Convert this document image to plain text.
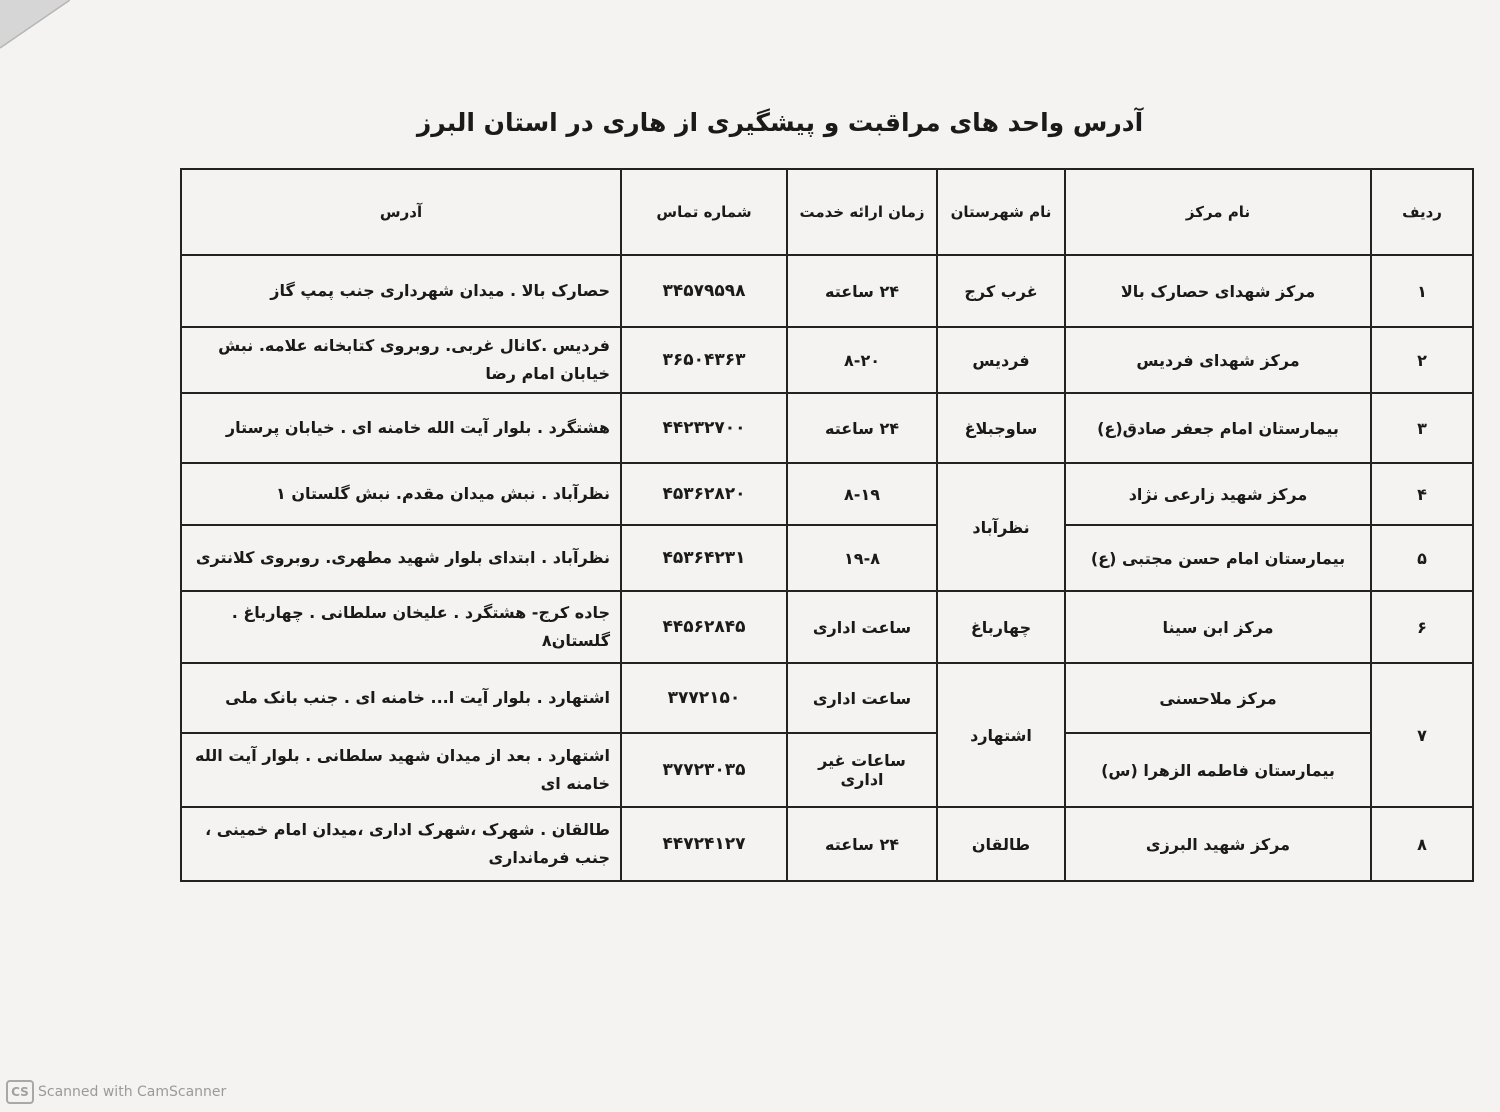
آدرس واحد های مراقبت و پیشگیری از هاری در استان البرز
ردیف	نام مرکز	نام شهرستان	زمان ارائه خدمت	شماره تماس	آدرس
۱	مرکز شهدای حصارک بالا	غرب کرج	۲۴ ساعته	۳۴۵۷۹۵۹۸	حصارک بالا . میدان شهرداری جنب پمپ گاز
۲	مرکز شهدای فردیس	فردیس	۸-۲۰	۳۶۵۰۴۳۶۳	فردیس .کانال غربی. روبروی کتابخانه علامه. نبش خیابان امام رضا
۳	بیمارستان امام جعفر صادق(ع)	ساوجبلاغ	۲۴ ساعته	۴۴۲۳۲۷۰۰	هشتگرد . بلوار آیت الله خامنه ای . خیابان پرستار
۴	مرکز شهید زارعی نژاد	نظرآباد	۸-۱۹	۴۵۳۶۲۸۲۰	نظرآباد . نبش میدان مقدم. نبش گلستان ۱
۵	بیمارستان امام حسن مجتبی (ع)		۱۹-۸	۴۵۳۶۴۲۳۱	نظرآباد . ابتدای بلوار شهید مطهری. روبروی کلانتری
۶	مرکز ابن سینا	چهارباغ	ساعت اداری	۴۴۵۶۲۸۴۵	جاده کرج- هشتگرد . علیخان سلطانی . چهارباغ . گلستان۸
۷	مرکز ملاحسنی	اشتهارد	ساعت اداری	۳۷۷۲۱۵۰	اشتهارد . بلوار آیت ا... خامنه ای . جنب بانک ملی
	بیمارستان فاطمه الزهرا (س)		ساعات غیر اداری	۳۷۷۲۳۰۳۵	اشتهارد . بعد از میدان شهید سلطانی . بلوار آیت الله خامنه ای
۸	مرکز شهید البرزی	طالقان	۲۴ ساعته	۴۴۷۲۴۱۲۷	طالقان . شهرک ،شهرک اداری ،میدان امام خمینی ، جنب فرمانداری
CS Scanned with CamScanner
